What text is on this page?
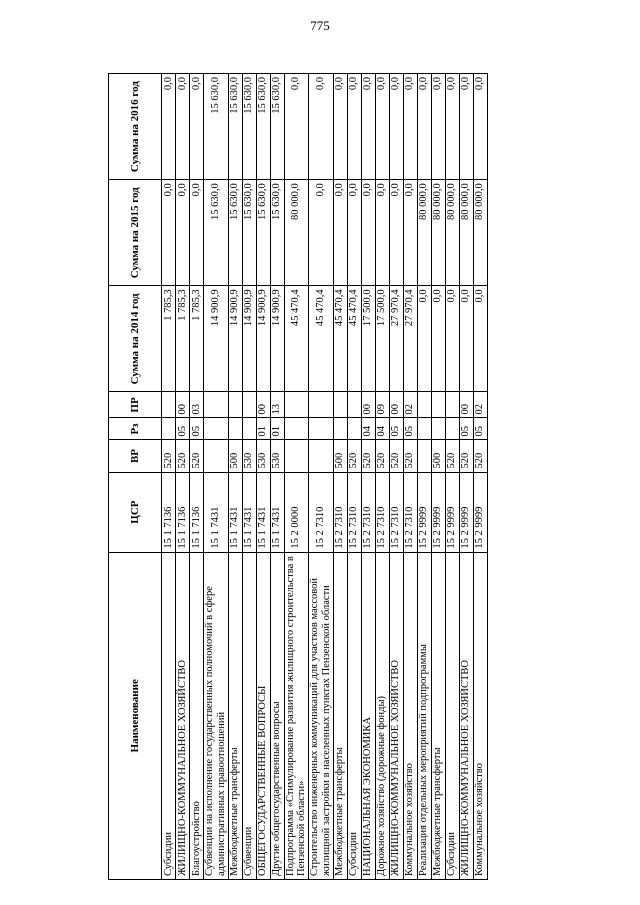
775
Наименование	ЦСР	ВР	Рз	ПР	Сумма на 2014 год	Сумма на 2015 год	Сумма на 2016 год
Субсидии	15 1 7136	520			1 785,3	0,0	0,0
ЖИЛИЩНО-КОММУНАЛЬНОЕ ХОЗЯЙСТВО	15 1 7136	520	05	00	1 785,3	0,0	0,0
Благоустройство	15 1 7136	520	05	03	1 785,3	0,0	0,0
Субвенции на исполнение государственных полномочий в сфере административных правоотношений	15 1 7431				14 900,9	15 630,0	15 630,0
Межбюджетные трансферты	15 1 7431	500			14 900,9	15 630,0	15 630,0
Субвенции	15 1 7431	530			14 900,9	15 630,0	15 630,0
ОБЩЕГОСУДАРСТВЕННЫЕ ВОПРОСЫ	15 1 7431	530	01	00	14 900,9	15 630,0	15 630,0
Другие общегосударственные вопросы	15 1 7431	530	01	13	14 900,9	15 630,0	15 630,0
Подпрограмма «Стимулирование развития жилищного строительства в Пензенской области»	15 2 0000				45 470,4	80 000,0	0,0
Строительство инженерных коммуникаций для участков массовой жилищной застройки в населенных пунктах Пензенской области	15 2 7310				45 470,4	0,0	0,0
Межбюджетные трансферты	15 2 7310	500			45 470,4	0,0	0,0
Субсидии	15 2 7310	520			45 470,4	0,0	0,0
НАЦИОНАЛЬНАЯ ЭКОНОМИКА	15 2 7310	520	04	00	17 500,0	0,0	0,0
Дорожное хозяйство (дорожные фонды)	15 2 7310	520	04	09	17 500,0	0,0	0,0
ЖИЛИЩНО-КОММУНАЛЬНОЕ ХОЗЯЙСТВО	15 2 7310	520	05	00	27 970,4	0,0	0,0
Коммунальное хозяйство	15 2 7310	520	05	02	27 970,4	0,0	0,0
Реализация отдельных мероприятий подпрограммы	15 2 9999				0,0	80 000,0	0,0
Межбюджетные трансферты	15 2 9999	500			0,0	80 000,0	0,0
Субсидии	15 2 9999	520			0,0	80 000,0	0,0
ЖИЛИЩНО-КОММУНАЛЬНОЕ ХОЗЯЙСТВО	15 2 9999	520	05	00	0,0	80 000,0	0,0
Коммунальное хозяйство	15 2 9999	520	05	02	0,0	80 000,0	0,0
